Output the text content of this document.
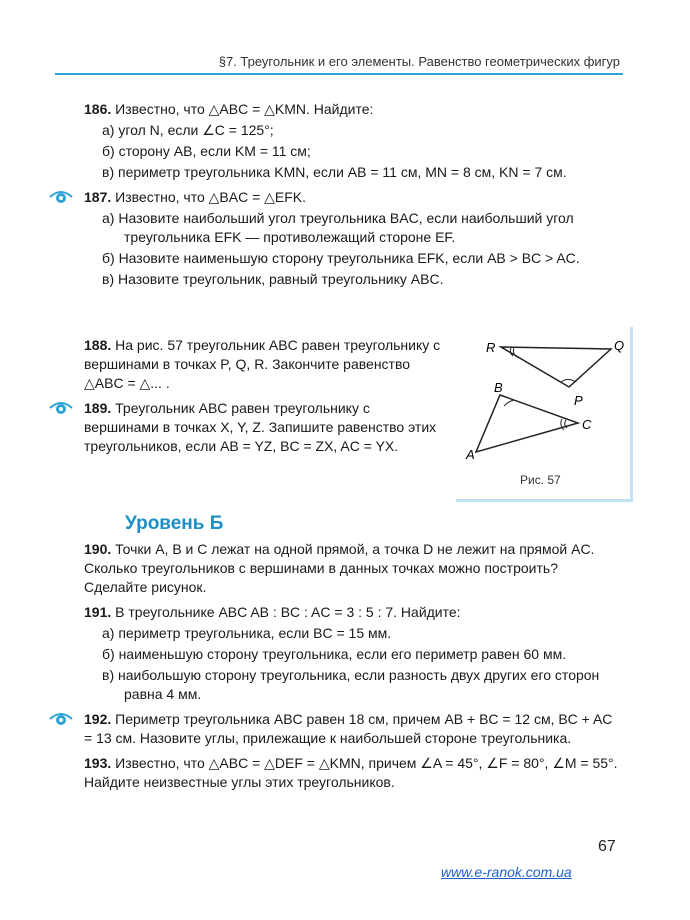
§7. Треугольник и его элементы. Равенство геометрических фигур
186. Известно, что △ABC = △KMN. Найдите:
а) угол N, если ∠C = 125°;
б) сторону AB, если KM = 11 см;
в) периметр треугольника KMN, если AB = 11 см, MN = 8 см, KN = 7 см.
187. Известно, что △BAC = △EFK.
а) Назовите наибольший угол треугольника BAC, если наибольший угол треугольника EFK — противолежащий стороне EF.
б) Назовите наименьшую сторону треугольника EFK, если AB > BC > AC.
в) Назовите треугольник, равный треугольнику ABC.
188. На рис. 57 треугольник ABC равен треугольнику с вершинами в точках P, Q, R. Закончите равенство △ABC = △... .
189. Треугольник ABC равен треугольнику с вершинами в точках X, Y, Z. Запишите равенство этих треугольников, если AB = YZ, BC = ZX, AC = YX.
R	Q
P
B
C
A
Рис. 57
Уровень Б
190. Точки A, B и C лежат на одной прямой, а точка D не лежит на прямой AC. Сколько треугольников с вершинами в данных точках можно построить? Сделайте рисунок.
191. В треугольнике ABC AB : BC : AC = 3 : 5 : 7. Найдите:
а) периметр треугольника, если BC = 15 мм.
б) наименьшую сторону треугольника, если его периметр равен 60 мм.
в) наибольшую сторону треугольника, если разность двух других его сторон равна 4 мм.
192. Периметр треугольника ABC равен 18 см, причем AB + BC = 12 см, BC + AC = 13 см. Назовите углы, прилежащие к наибольшей стороне треугольника.
193. Известно, что △ABC = △DEF = △KMN, причем ∠A = 45°, ∠F = 80°, ∠M = 55°. Найдите неизвестные углы этих треугольников.
67
www.e-ranok.com.ua
